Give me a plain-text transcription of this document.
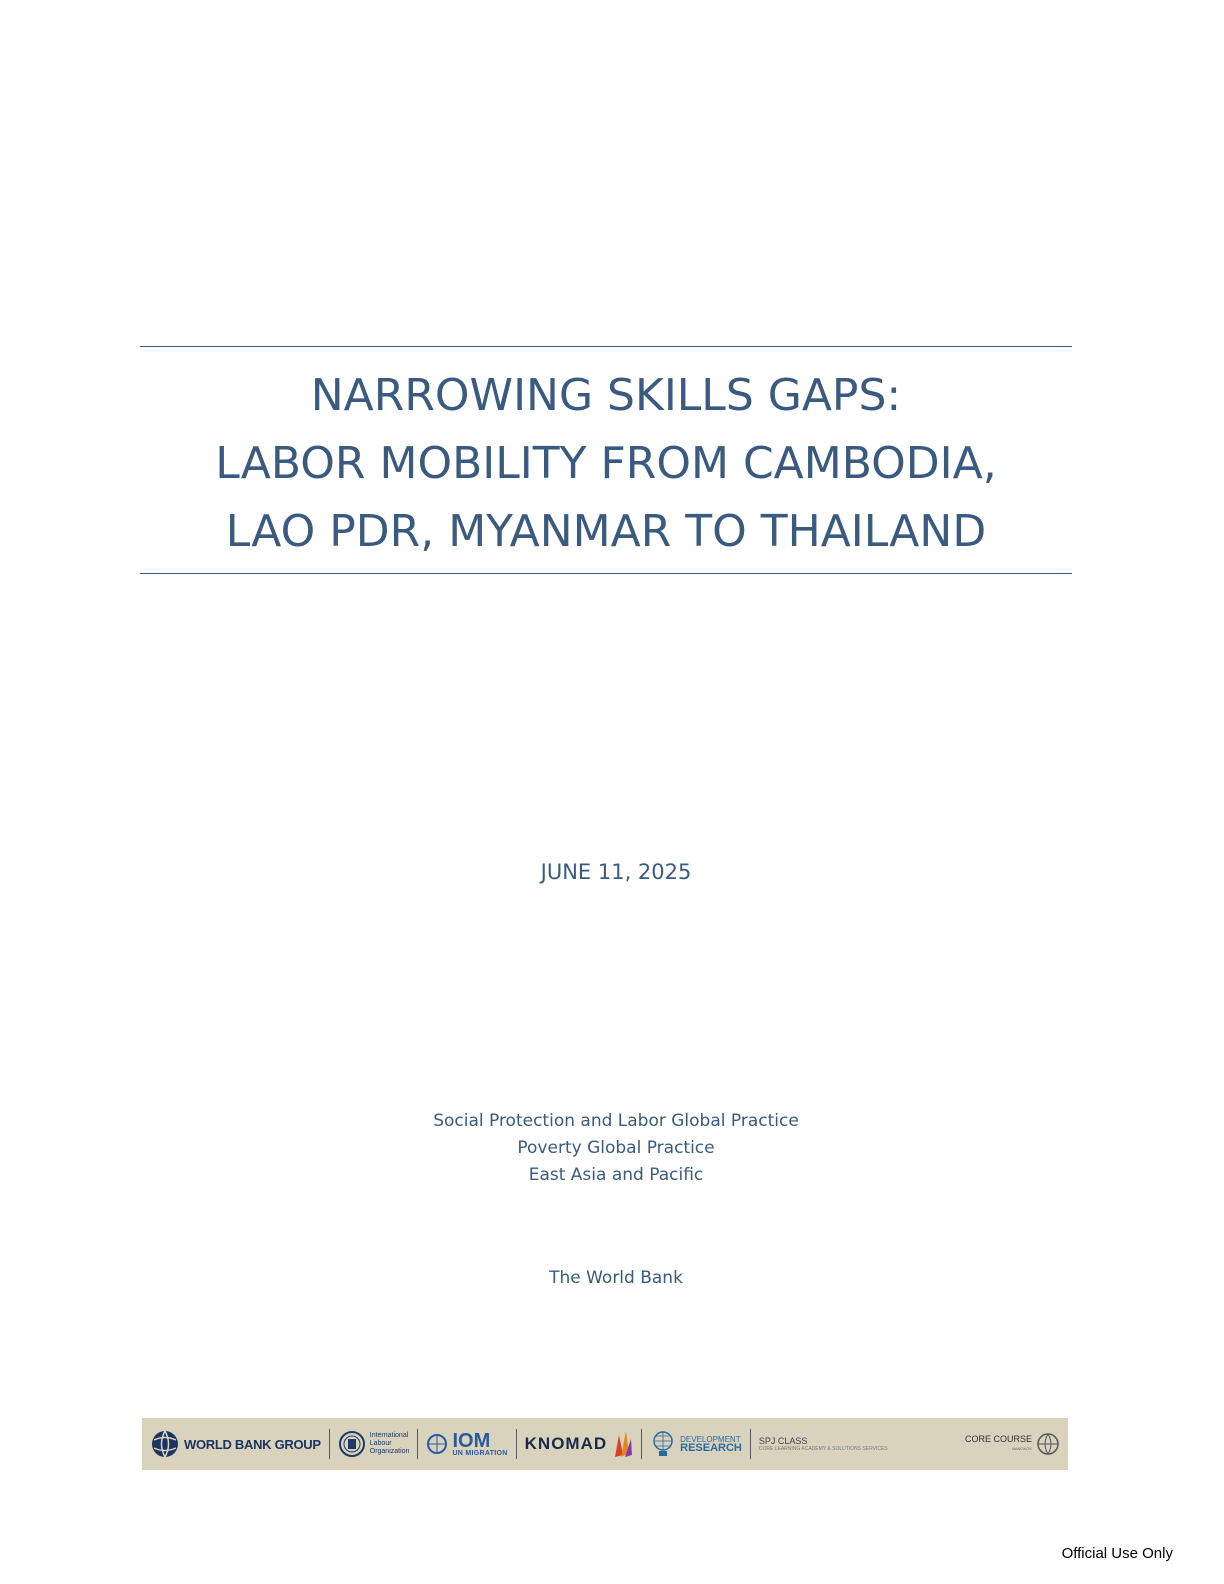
NARROWING SKILLS GAPS:
LABOR MOBILITY FROM CAMBODIA,
LAO PDR, MYANMAR TO THAILAND
JUNE 11, 2025
Social Protection and Labor Global Practice
Poverty Global Practice
East Asia and Pacific
The World Bank
WORLD BANK GROUP
International
Labour
Organization IOM
UN MIGRATION KNOMAD	DEVELOPMENT
RESEARCH
SPJ CLASS
CORE LEARNING ACADEMY & SOLUTIONS SERVICES
CORE COURSE
BANGKOK
Official Use Only
